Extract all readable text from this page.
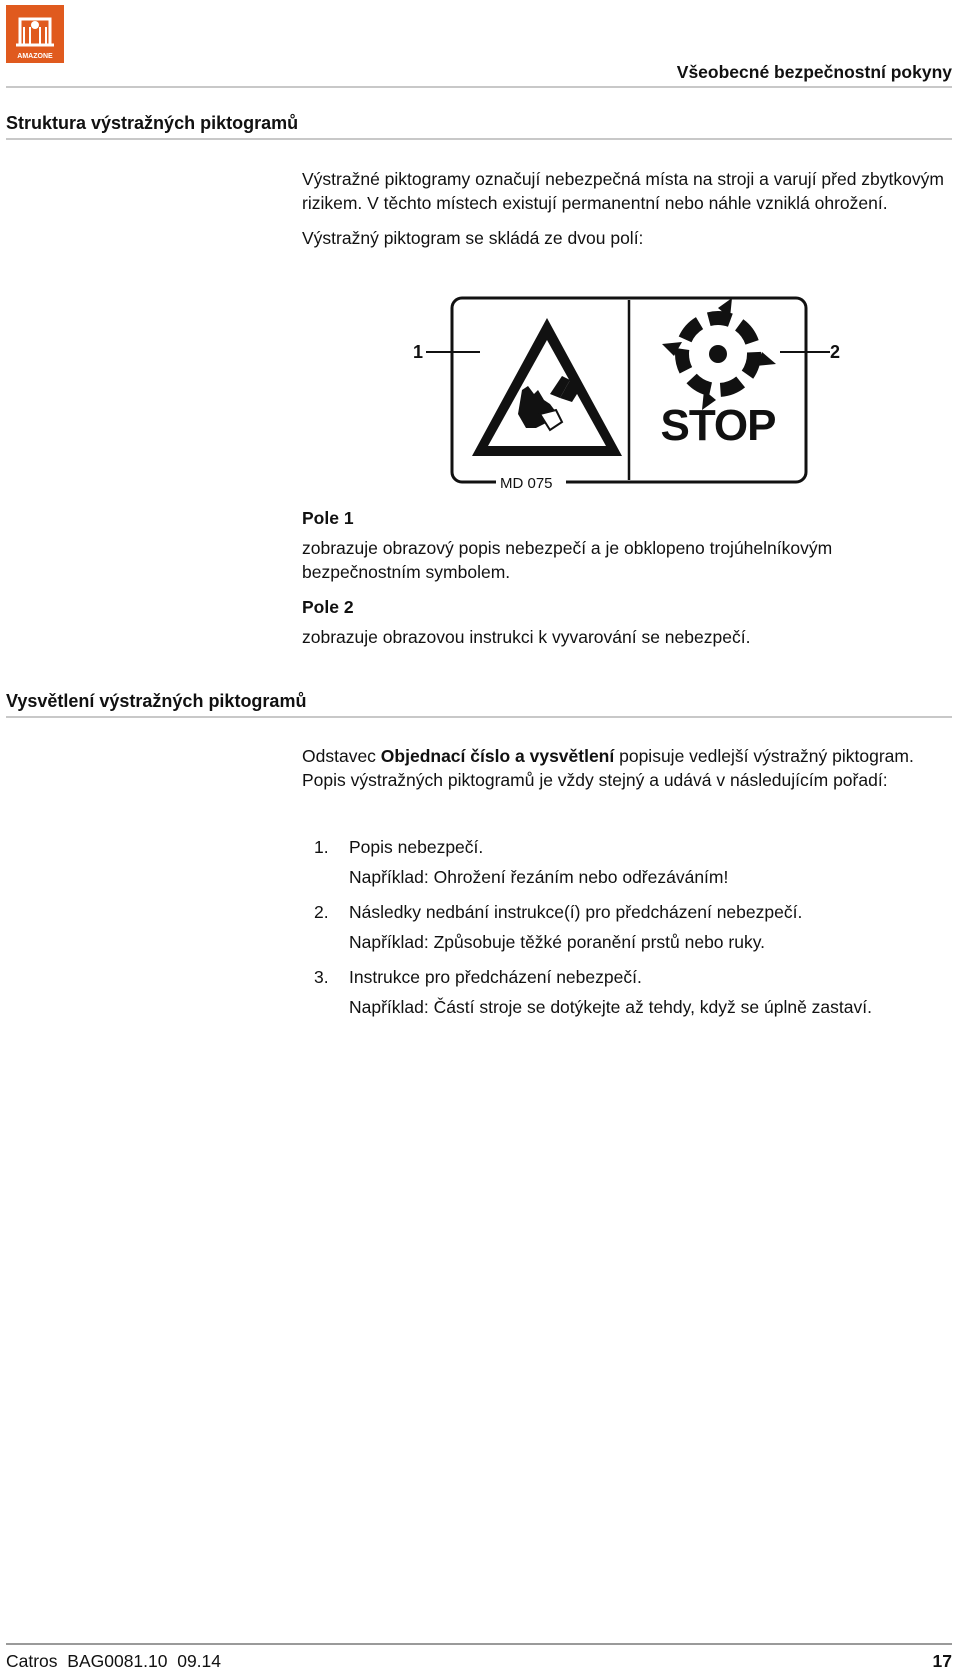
AMAZONE
Všeobecné bezpečnostní pokyny
Struktura výstražných piktogramů

Výstražné piktogramy označují nebezpečná místa na stroji a varují před zbytkovým rizikem. V těchto místech existují permanentní nebo náhle vzniklá ohrožení.

Výstražný piktogram se skládá ze dvou polí:

1	2
STOP
MD 075

Pole 1

zobrazuje obrazový popis nebezpečí a je obklopeno trojúhelníkovým bezpečnostním symbolem.

Pole 2

zobrazuje obrazovou instrukci k vyvarování se nebezpečí.

Vysvětlení výstražných piktogramů

Odstavec Objednací číslo a vysvětlení popisuje vedlejší výstražný piktogram. Popis výstražných piktogramů je vždy stejný a udává v následujícím pořadí:

1. Popis nebezpečí.
Například: Ohrožení řezáním nebo odřezáváním!
2. Následky nedbání instrukce(í) pro předcházení nebezpečí.
Například: Způsobuje těžké poranění prstů nebo ruky.
3. Instrukce pro předcházení nebezpečí.
Například: Částí stroje se dotýkejte až tehdy, když se úplně zastaví.
Catros  BAG0081.10  09.14	17
